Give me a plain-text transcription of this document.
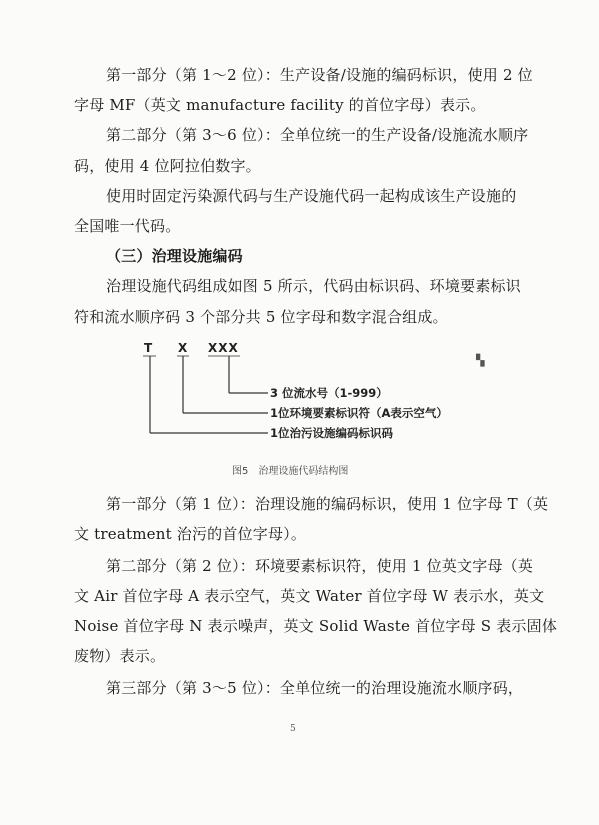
第一部分（第 1～2 位）：生产设备/设施的编码标识，使用 2 位
字母 MF（英文 manufacture facility 的首位字母）表示。
第二部分（第 3～6 位）：全单位统一的生产设备/设施流水顺序
码，使用 4 位阿拉伯数字。
使用时固定污染源代码与生产设施代码一起构成该生产设施的
全国唯一代码。
（三）治理设施编码
治理设施代码组成如图 5 所示，代码由标识码、环境要素标识
符和流水顺序码 3 个部分共 5 位字母和数字混合组成。
T X XXX
3 位流水号（1-999）
1位环境要素标识符（A表示空气）
1位治污设施编码标识码
图5　治理设施代码结构图
第一部分（第 1 位）：治理设施的编码标识，使用 1 位字母 T（英
文 treatment 治污的首位字母）。
第二部分（第 2 位）：环境要素标识符，使用 1 位英文字母（英
文 Air 首位字母 A 表示空气，英文 Water 首位字母 W 表示水，英文
Noise 首位字母 N 表示噪声，英文 Solid Waste 首位字母 S 表示固体
废物）表示。
第三部分（第 3～5 位）：全单位统一的治理设施流水顺序码，
▚
5
